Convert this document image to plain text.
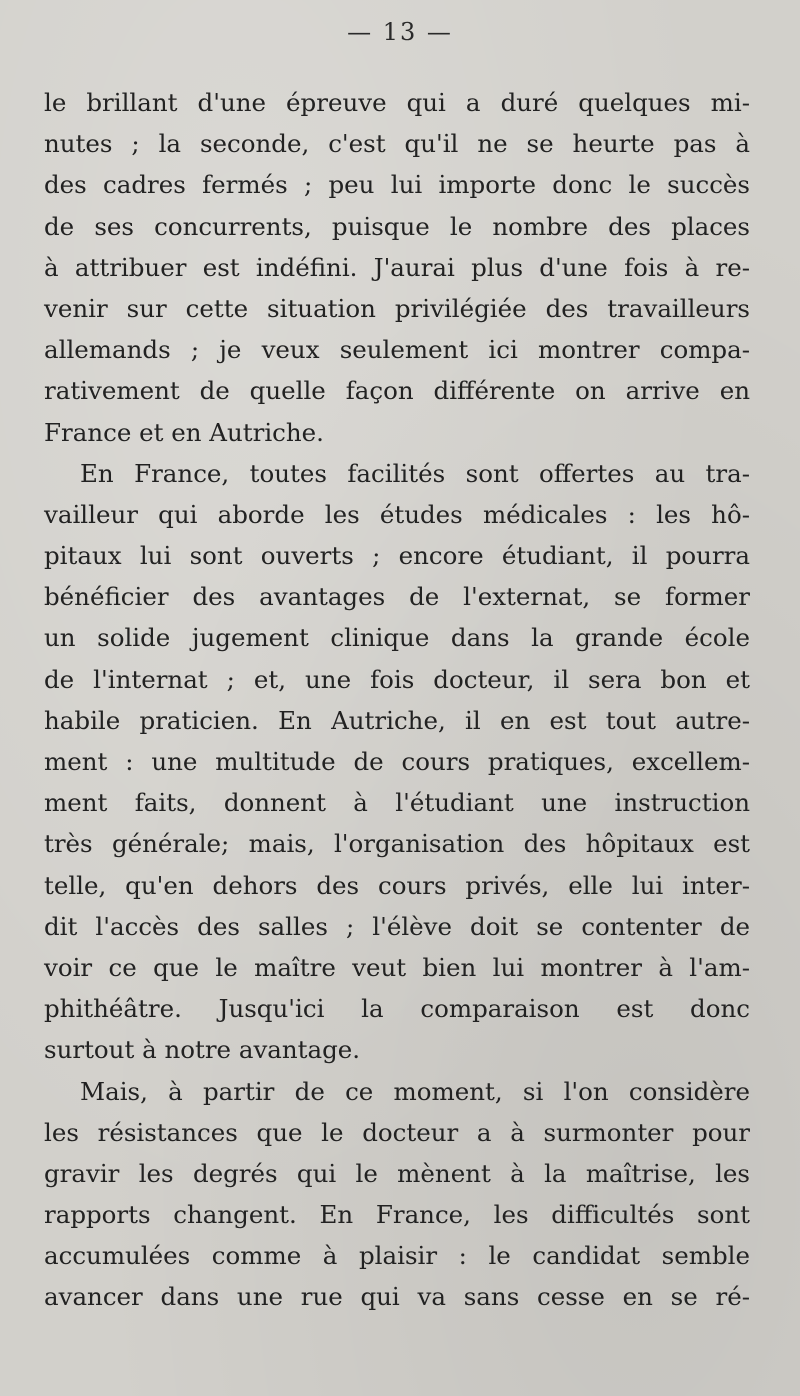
— 13 —
le brillant d'une épreuve qui a duré quelques mi-
nutes ; la seconde, c'est qu'il ne se heurte pas à
des cadres fermés ; peu lui importe donc le succès
de ses concurrents, puisque le nombre des places
à attribuer est indéfini. J'aurai plus d'une fois à re-
venir sur cette situation privilégiée des travailleurs
allemands ; je veux seulement ici montrer compa-
rativement de quelle façon différente on arrive en
France et en Autriche.
En France, toutes facilités sont offertes au tra-
vailleur qui aborde les études médicales : les hô-
pitaux lui sont ouverts ; encore étudiant, il pourra
bénéficier des avantages de l'externat, se former
un solide jugement clinique dans la grande école
de l'internat ; et, une fois docteur, il sera bon et
habile praticien. En Autriche, il en est tout autre-
ment : une multitude de cours pratiques, excellem-
ment faits, donnent à l'étudiant une instruction
très générale; mais, l'organisation des hôpitaux est
telle, qu'en dehors des cours privés, elle lui inter-
dit l'accès des salles ; l'élève doit se contenter de
voir ce que le maître veut bien lui montrer à l'am-
phithéâtre. Jusqu'ici la comparaison est donc
surtout à notre avantage.
Mais, à partir de ce moment, si l'on considère
les résistances que le docteur a à surmonter pour
gravir les degrés qui le mènent à la maîtrise, les
rapports changent. En France, les difficultés sont
accumulées comme à plaisir : le candidat semble
avancer dans une rue qui va sans cesse en se ré-
